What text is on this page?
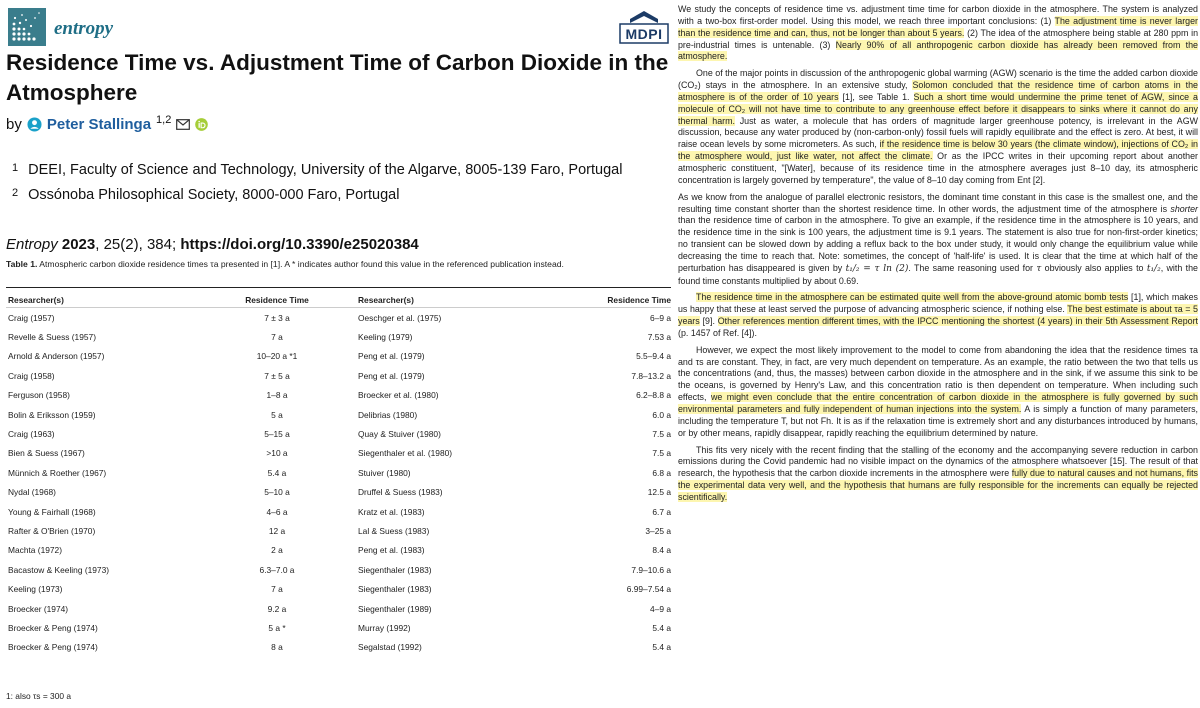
entropy	MDPI
Residence Time vs. Adjustment Time of Carbon Dioxide in the Atmosphere
by Peter Stallinga 1,2
1 DEEI, Faculty of Science and Technology, University of the Algarve, 8005-139 Faro, Portugal
2 Ossónoba Philosophical Society, 8000-000 Faro, Portugal
Entropy 2023, 25(2), 384; https://doi.org/10.3390/e25020384
Table 1. Atmospheric carbon dioxide residence times τa presented in [1]. A * indicates author found this value in the referenced publication instead.
Researcher(s)	Residence Time	Researcher(s)	Residence Time
Craig (1957)	7 ± 3 a	Oeschger et al. (1975)	6–9 a
Revelle & Suess (1957)	7 a	Keeling (1979)	7.53 a
Arnold & Anderson (1957)	10–20 a *1	Peng et al. (1979)	5.5–9.4 a
Craig (1958)	7 ± 5 a	Peng et al. (1979)	7.8–13.2 a
Ferguson (1958)	1–8 a	Broecker et al. (1980)	6.2–8.8 a
Bolin & Eriksson (1959)	5 a	Delibrias (1980)	6.0 a
Craig (1963)	5–15 a	Quay & Stuiver (1980)	7.5 a
Bien & Suess (1967)	>10 a	Siegenthaler et al. (1980)	7.5 a
Münnich & Roether (1967)	5.4 a	Stuiver (1980)	6.8 a
Nydal (1968)	5–10 a	Druffel & Suess (1983)	12.5 a
Young & Fairhall (1968)	4–6 a	Kratz et al. (1983)	6.7 a
Rafter & O'Brien (1970)	12 a	Lal & Suess (1983)	3–25 a
Machta (1972)	2 a	Peng et al. (1983)	8.4 a
Bacastow & Keeling (1973)	6.3–7.0 a	Siegenthaler (1983)	7.9–10.6 a
Keeling (1973)	7 a	Siegenthaler (1983)	6.99–7.54 a
Broecker (1974)	9.2 a	Siegenthaler (1989)	4–9 a
Broecker & Peng (1974)	5 a *	Murray (1992)	5.4 a
Broecker & Peng (1974)	8 a	Segalstad (1992)	5.4 a
1: also τs = 300 a

We study the concepts of residence time vs. adjustment time time for carbon dioxide in the atmosphere. The system is analyzed with a two-box first-order model. Using this model, we reach three important conclusions: (1) The adjustment time is never larger than the residence time and can, thus, not be longer than about 5 years. (2) The idea of the atmosphere being stable at 280 ppm in pre-industrial times is untenable. (3) Nearly 90% of all anthropogenic carbon dioxide has already been removed from the atmosphere.

One of the major points in discussion of the anthropogenic global warming (AGW) scenario is the time the added carbon dioxide (CO₂) stays in the atmosphere. In an extensive study, Solomon concluded that the residence time of carbon atoms in the atmosphere is of the order of 10 years [1], see Table 1. Such a short time would undermine the prime tenet of AGW, since a molecule of CO₂ will not have time to contribute to any greenhouse effect before it disappears to sinks where it cannot do any thermal harm. Just as water, a molecule that has orders of magnitude larger greenhouse potency, is irrelevant in the AGW discussion, because any water produced by (non-carbon-only) fossil fuels will rapidly equilibrate and the effect is zero. At best, it will raise ocean levels by some micrometers. As such, if the residence time is below 30 years (the climate window), injections of CO₂ in the atmosphere would, just like water, not affect the climate. Or as the IPCC writes in their upcoming report about another atmospheric constituent, "[Water], because of its residence time in the atmosphere averages just 8–10 day, its atmospheric concentration is largely governed by temperature", the value of 8–10 day coming from Ent [2].

As we know from the analogue of parallel electronic resistors, the dominant time constant in this case is the smallest one, and the resulting time constant shorter than the shortest residence time. In other words, the adjustment time of the atmosphere is shorter than the residence time of carbon in the atmosphere. To give an example, if the residence time in the atmosphere is 10 years, and the residence time in the sink is 100 years, the adjustment time is 9.1 years. The statement is also true for non-first-order kinetics; no transient can be slowed down by adding a reflux back to the box under study, it would only change the equilibrium value while decreasing the time to reach that. Note: sometimes, the concept of 'half-life' is used. It is clear that the time at which half of the perturbation has disappeared is given by t₁/₂ = τ ln (2). The same reasoning used for τ obviously also applies to t₁/₂, with the found time constants multiplied by about 0.69.

The residence time in the atmosphere can be estimated quite well from the above-ground atomic bomb tests [1], which makes us happy that these at least served the purpose of advancing atmospheric science, if nothing else. The best estimate is about τa = 5 years [9]. Other references mention different times, with the IPCC mentioning the shortest (4 years) in their 5th Assessment Report (p. 1457 of Ref. [4]).

However, we expect the most likely improvement to the model to come from abandoning the idea that the residence times τa and τs are constant. They, in fact, are very much dependent on temperature. As an example, the ratio between the two that tells us the concentrations (and, thus, the masses) between carbon dioxide in the atmosphere and in the sink, if we assume this sink to be the oceans, is governed by Henry's Law, and this concentration ratio is then dependent on temperature. When including such effects, we might even conclude that the entire concentration of carbon dioxide in the atmosphere is fully governed by such environmental parameters and fully independent of human injections into the system. A is simply a function of many parameters, including the temperature T, but not Fh. It is as if the relaxation time is extremely short and any disturbances introduced by humans, or by other means, rapidly disappear, rapidly reaching the equilibrium determined by nature.

This fits very nicely with the recent finding that the stalling of the economy and the accompanying severe reduction in carbon emissions during the Covid pandemic had no visible impact on the dynamics of the atmosphere whatsoever [15]. The result of that research, the hypothesis that the carbon dioxide increments in the atmosphere were fully due to natural causes and not humans, fits the experimental data very well, and the hypothesis that humans are fully responsible for the increments can equally be rejected scientifically.
